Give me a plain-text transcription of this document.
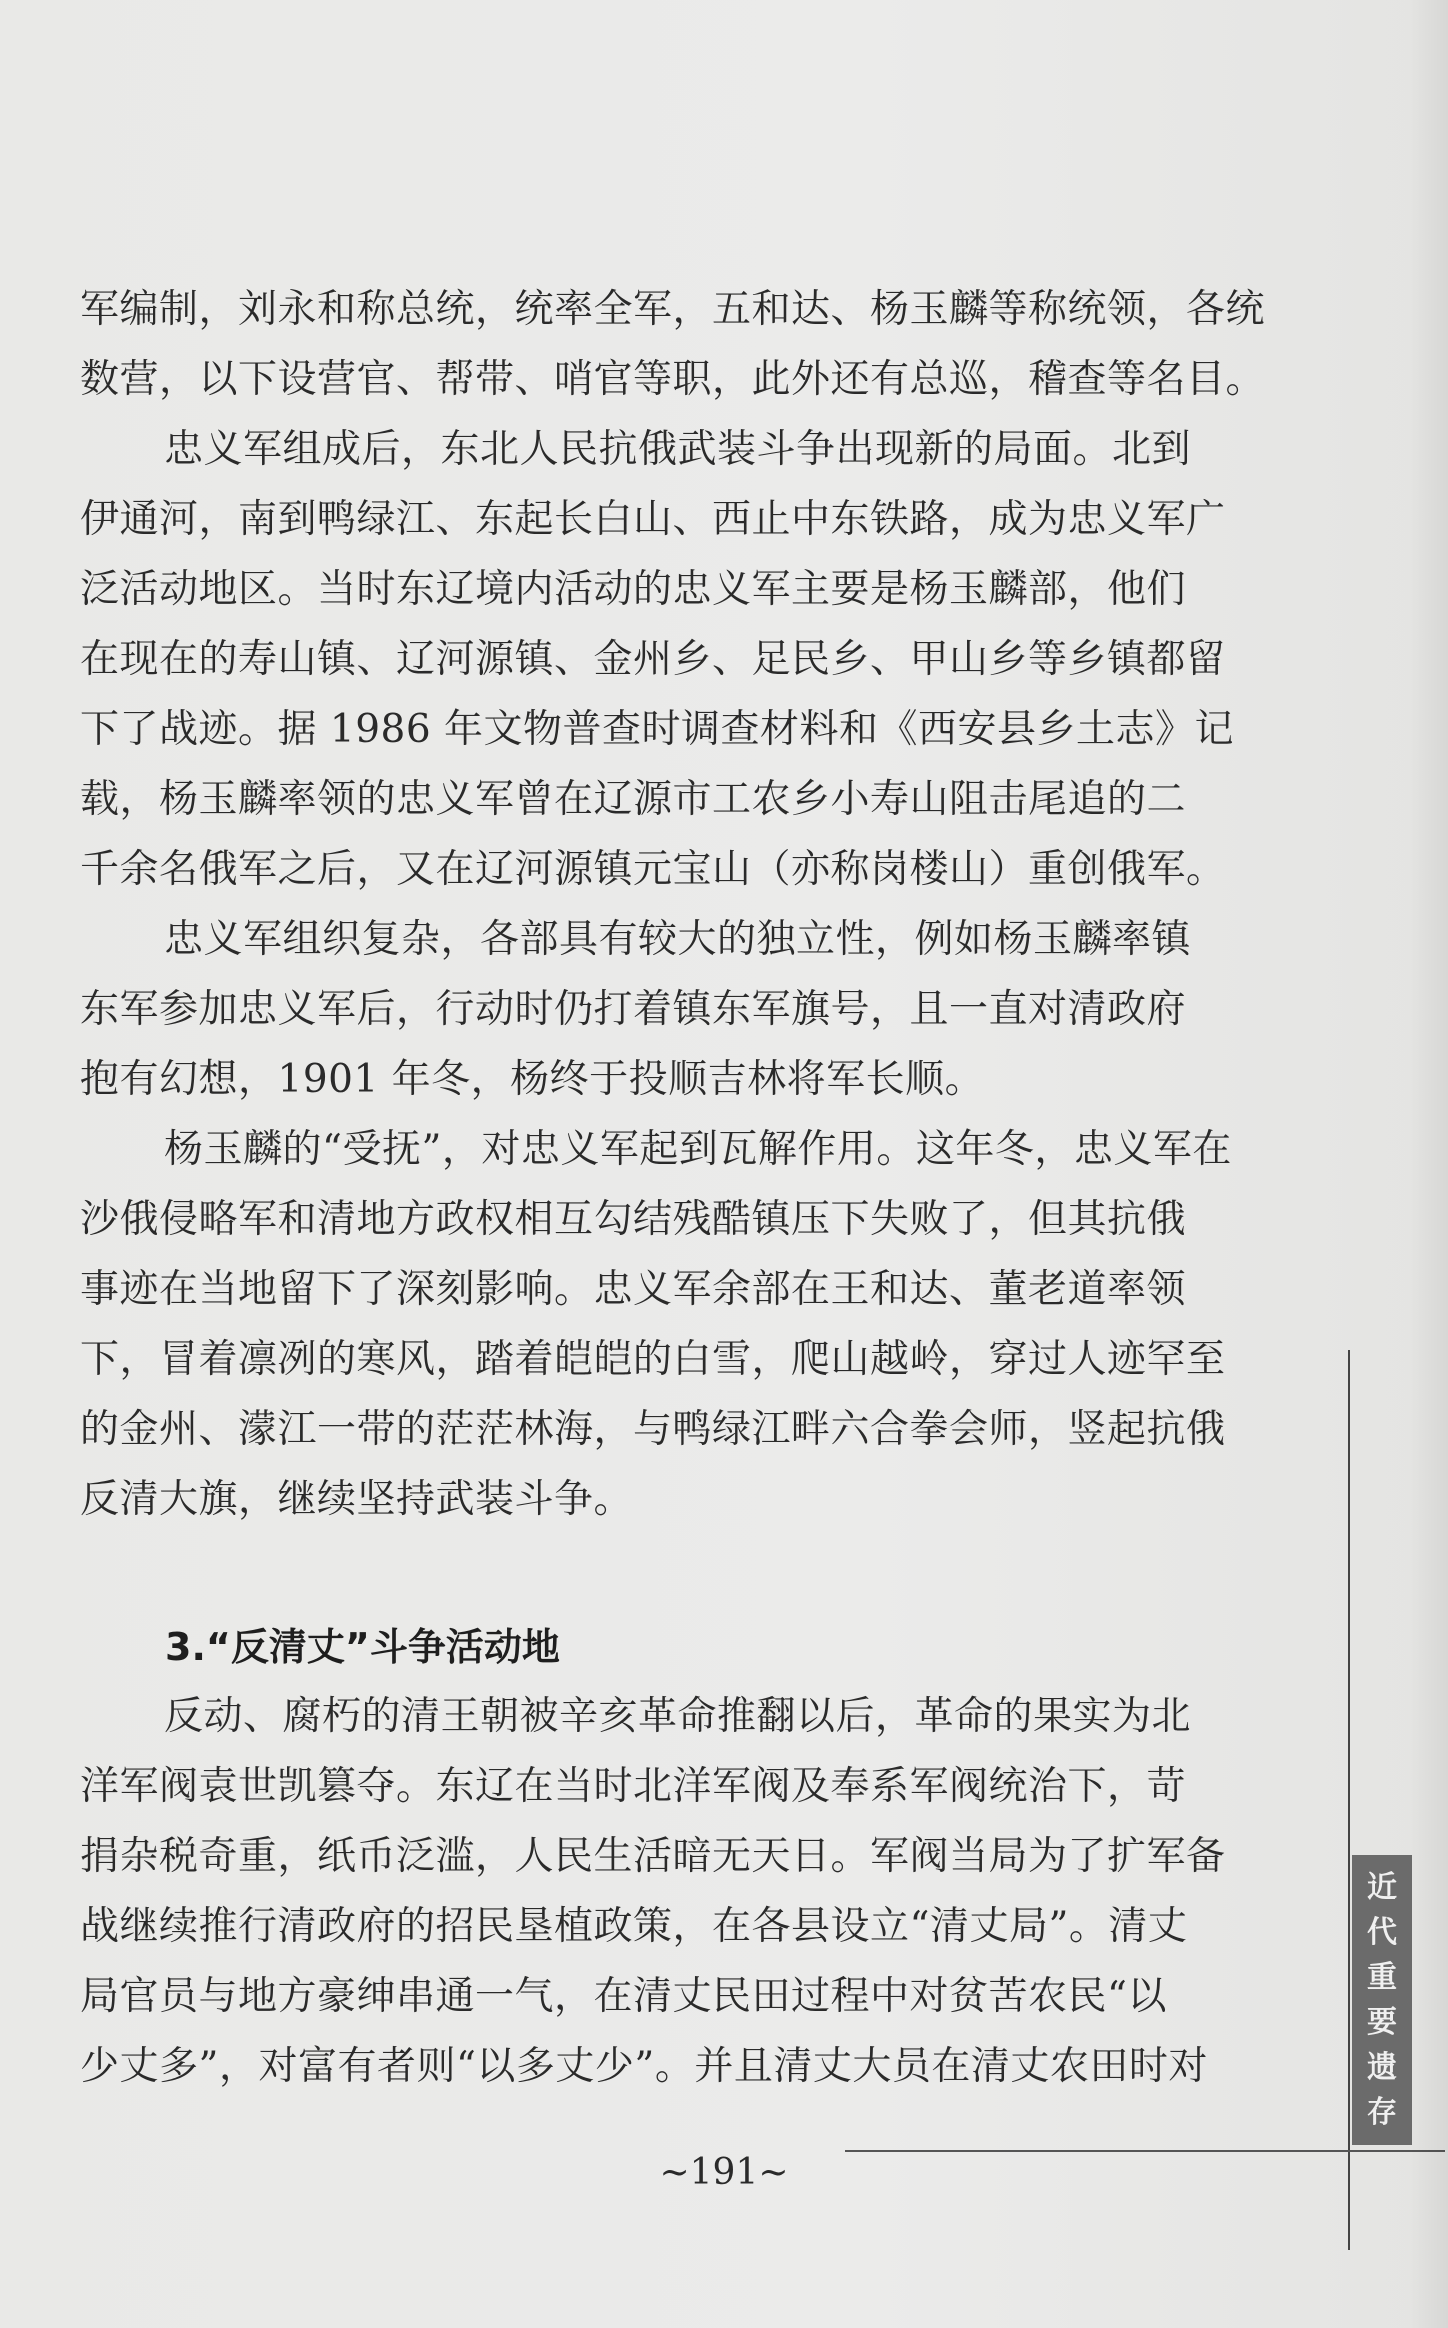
军编制，刘永和称总统，统率全军，五和达、杨玉麟等称统领，各统
数营，以下设营官、帮带、哨官等职，此外还有总巡，稽查等名目。
忠义军组成后，东北人民抗俄武装斗争出现新的局面。北到
伊通河，南到鸭绿江、东起长白山、西止中东铁路，成为忠义军广
泛活动地区。当时东辽境内活动的忠义军主要是杨玉麟部，他们
在现在的寿山镇、辽河源镇、金州乡、足民乡、甲山乡等乡镇都留
下了战迹。据 1986 年文物普查时调查材料和《西安县乡土志》记
载，杨玉麟率领的忠义军曾在辽源市工农乡小寿山阻击尾追的二
千余名俄军之后，又在辽河源镇元宝山（亦称岗楼山）重创俄军。
忠义军组织复杂，各部具有较大的独立性，例如杨玉麟率镇
东军参加忠义军后，行动时仍打着镇东军旗号，且一直对清政府
抱有幻想，1901 年冬，杨终于投顺吉林将军长顺。
杨玉麟的“受抚”，对忠义军起到瓦解作用。这年冬，忠义军在
沙俄侵略军和清地方政权相互勾结残酷镇压下失败了，但其抗俄
事迹在当地留下了深刻影响。忠义军余部在王和达、董老道率领
下，冒着凛冽的寒风，踏着皑皑的白雪，爬山越岭，穿过人迹罕至
的金州、濛江一带的茫茫林海，与鸭绿江畔六合拳会师，竖起抗俄
反清大旗，继续坚持武装斗争。
3.“反清丈”斗争活动地
反动、腐朽的清王朝被辛亥革命推翻以后，革命的果实为北
洋军阀袁世凯篡夺。东辽在当时北洋军阀及奉系军阀统治下，苛
捐杂税奇重，纸币泛滥，人民生活暗无天日。军阀当局为了扩军备
战继续推行清政府的招民垦植政策，在各县设立“清丈局”。清丈
局官员与地方豪绅串通一气，在清丈民田过程中对贫苦农民“以
少丈多”，对富有者则“以多丈少”。并且清丈大员在清丈农田时对
近
代
重
要
遗
存
~191~
